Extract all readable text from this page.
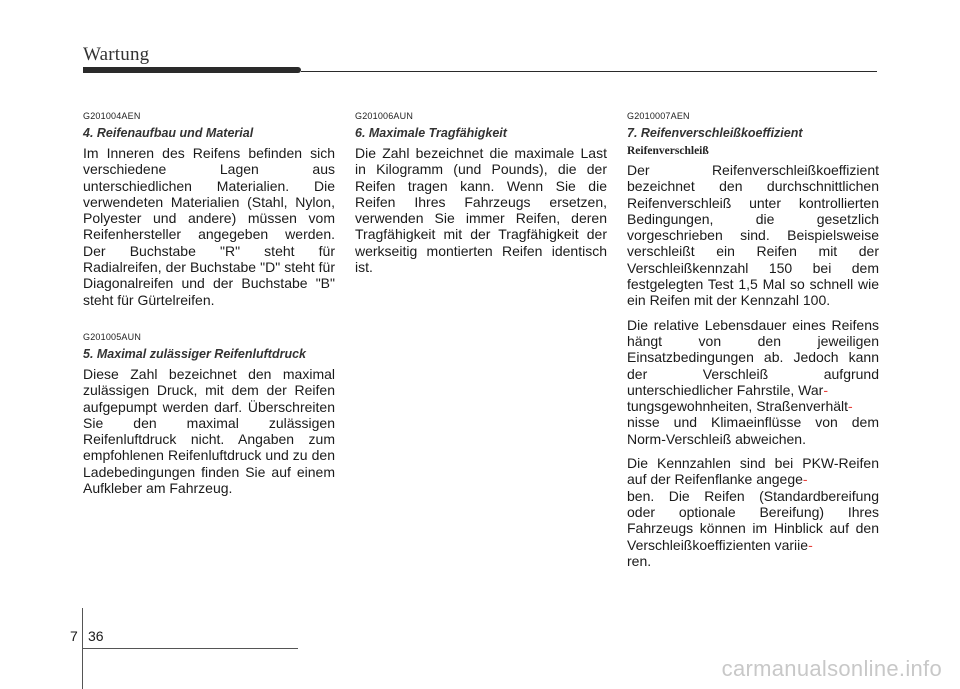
Wartung
G201004AEN
4. Reifenaufbau und Material

Im Inneren des Reifens befinden sich verschiedene Lagen aus unterschiedlichen Materialien. Die verwendeten Materialien (Stahl, Nylon, Polyester und andere) müssen vom Reifenhersteller angegeben werden. Der Buchstabe "R" steht für Radialreifen, der Buchstabe "D" steht für Diagonalreifen und der Buchstabe "B" steht für Gürtelreifen.

G201005AUN
5. Maximal zulässiger Reifenluftdruck

Diese Zahl bezeichnet den maximal zulässigen Druck, mit dem der Reifen aufgepumpt werden darf. Überschreiten Sie den maximal zulässigen Reifenluftdruck nicht. Angaben zum empfohlenen Reifenluftdruck und zu den Ladebedingungen finden Sie auf einem Aufkleber am Fahrzeug.

G201006AUN
6. Maximale Tragfähigkeit

Die Zahl bezeichnet die maximale Last in Kilogramm (und Pounds), die der Reifen tragen kann. Wenn Sie die Reifen Ihres Fahrzeugs ersetzen, verwenden Sie immer Reifen, deren Tragfähigkeit mit der Tragfähigkeit der werkseitig montierten Reifen identisch ist.

G2010007AEN
7. Reifenverschleißkoeffizient
Reifenverschleiß

Der Reifenverschleißkoeffizient bezeichnet den durchschnittlichen Reifenverschleiß unter kontrollierten Bedingungen, die gesetzlich vorgeschrieben sind. Beispielsweise verschleißt ein Reifen mit der Verschleißkennzahl 150 bei dem festgelegten Test 1,5 Mal so schnell wie ein Reifen mit der Kennzahl 100.

Die relative Lebensdauer eines Reifens hängt von den jeweiligen Einsatzbedingungen ab. Jedoch kann der Verschleiß aufgrund unterschiedlicher Fahrstile, War-
tungsgewohnheiten, Straßenverhält-
nisse und Klimaeinflüsse von dem Norm-Verschleiß abweichen.

Die Kennzahlen sind bei PKW-Reifen auf der Reifenflanke angege-
ben. Die Reifen (Standardbereifung oder optionale Bereifung) Ihres Fahrzeugs können im Hinblick auf den Verschleißkoeffizienten variie-
ren.

7 36
carmanualsonline.info
